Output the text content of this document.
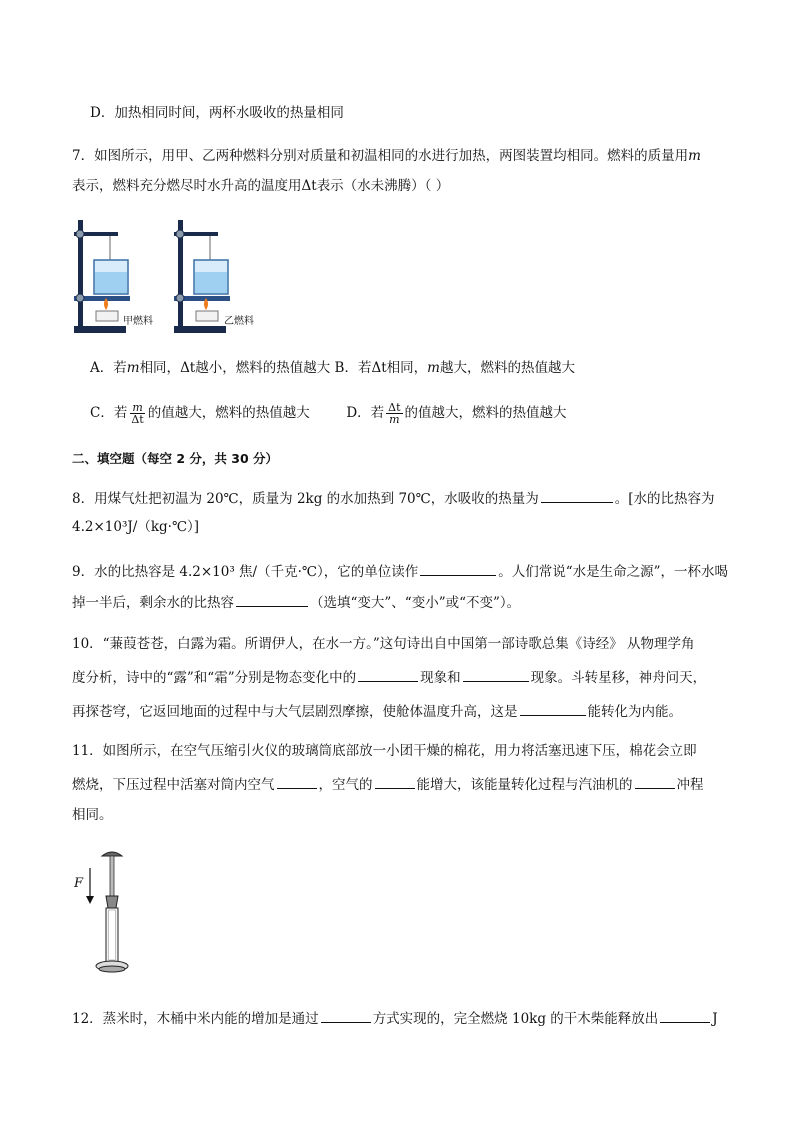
D．加热相同时间，两杯水吸收的热量相同
7．如图所示，用甲、乙两种燃料分别对质量和初温相同的水进行加热，两图装置均相同。燃料的质量用m
表示，燃料充分燃尽时水升高的温度用Δt表示（水未沸腾）（ ）
甲燃料	乙燃料
A．若m相同，Δt越小，燃料的热值越大 B．若Δt相同，m越大，燃料的热值越大
C．若 $\frac{m}{\Delta t}$ 的值越大，燃料的热值越大	D．若 $\frac{\Delta t}{m}$ 的值越大，燃料的热值越大
二、填空题（每空 2 分，共 30 分）
8．用煤气灶把初温为 20℃，质量为 2kg 的水加热到 70℃，水吸收的热量为	。[水的比热容为
4.2×10³J/（kg·℃）]
9．水的比热容是 4.2×10³ 焦/（千克·℃），它的单位读作	。人们常说“水是生命之源”，一杯水喝
掉一半后，剩余水的比热容	（选填“变大”、“变小”或“不变”）。
10．“蒹葭苍苍，白露为霜。所谓伊人，在水一方。”这句诗出自中国第一部诗歌总集《诗经》 从物理学角
度分析，诗中的“露”和“霜”分别是物态变化中的	现象和	现象。斗转星移，神舟问天，
再探苍穹，它返回地面的过程中与大气层剧烈摩擦，使舱体温度升高，这是	能转化为内能。
11．如图所示，在空气压缩引火仪的玻璃筒底部放一小团干燥的棉花，用力将活塞迅速下压，棉花会立即
燃烧，下压过程中活塞对筒内空气	，空气的	能增大，该能量转化过程与汽油机的	冲程
相同。
F
12．蒸米时，木桶中米内能的增加是通过	方式实现的，完全燃烧 10kg 的干木柴能释放出	J
